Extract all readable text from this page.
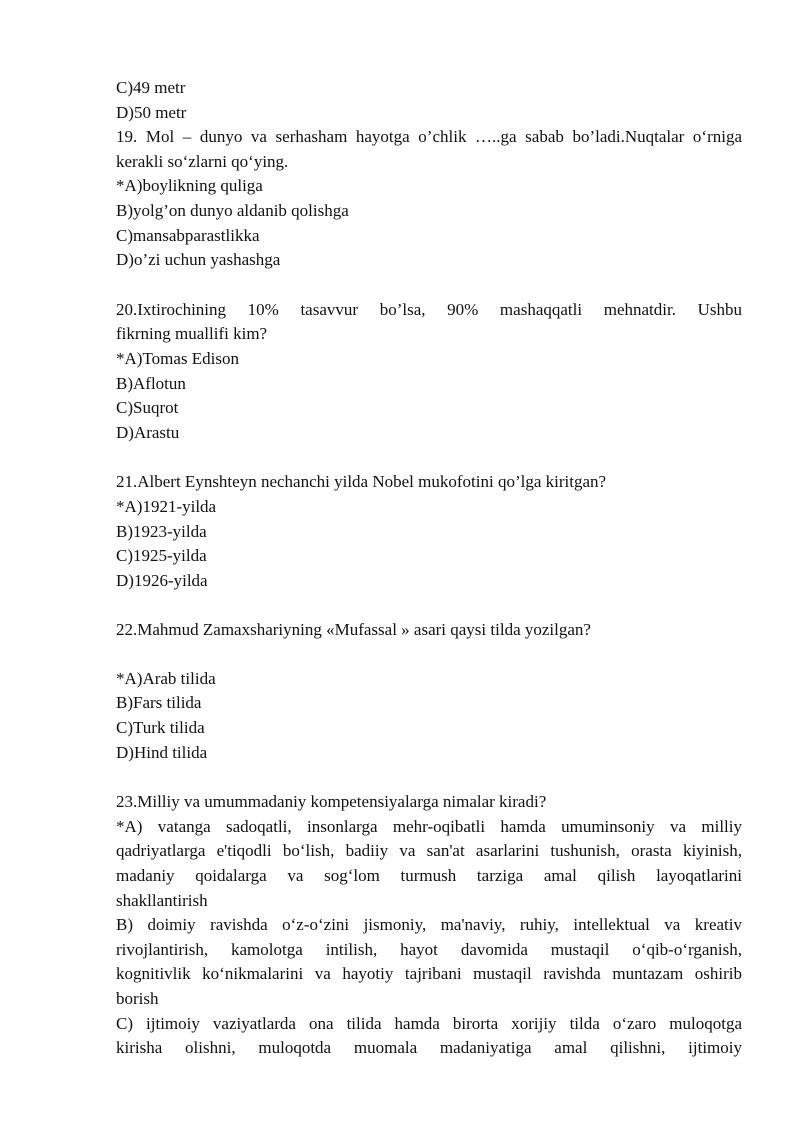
C)49 metr
D)50 metr
19. Mol – dunyo va serhasham hayotga o’chlik …..ga sabab bo’ladi.Nuqtalar o‘rniga
kerakli so‘zlarni qo‘ying.
*A)boylikning quliga
B)yolg’on dunyo aldanib qolishga
C)mansabparastlikka
D)o’zi uchun yashashga
20.Ixtirochining 10% tasavvur bo’lsa, 90% mashaqqatli mehnatdir. Ushbu
fikrning muallifi kim?
*A)Tomas Edison
B)Aflotun
C)Suqrot
D)Arastu
21.Albert Eynshteyn nechanchi yilda Nobel mukofotini qo’lga kiritgan?
*A)1921-yilda
B)1923-yilda
C)1925-yilda
D)1926-yilda
22.Mahmud Zamaxshariyning «Mufassal » asari qaysi tilda yozilgan?
*A)Arab tilida
B)Fars tilida
C)Turk tilida
D)Hind tilida
23.Milliy va umummadaniy kompetensiyalarga nimalar kiradi?
*A) vatanga sadoqatli, insonlarga mehr-oqibatli hamda umuminsoniy va milliy
qadriyatlarga e'tiqodli bo‘lish, badiiy va san'at asarlarini tushunish, orasta kiyinish,
madaniy qoidalarga va sog‘lom turmush tarziga amal qilish layoqatlarini
shakllantirish
B) doimiy ravishda o‘z-o‘zini jismoniy, ma'naviy, ruhiy, intellektual va kreativ
rivojlantirish, kamolotga intilish, hayot davomida mustaqil o‘qib-o‘rganish,
kognitivlik ko‘nikmalarini va hayotiy tajribani mustaqil ravishda muntazam oshirib
borish
C) ijtimoiy vaziyatlarda ona tilida hamda birorta xorijiy tilda o‘zaro muloqotga
kirisha olishni, muloqotda muomala madaniyatiga amal qilishni, ijtimoiy
